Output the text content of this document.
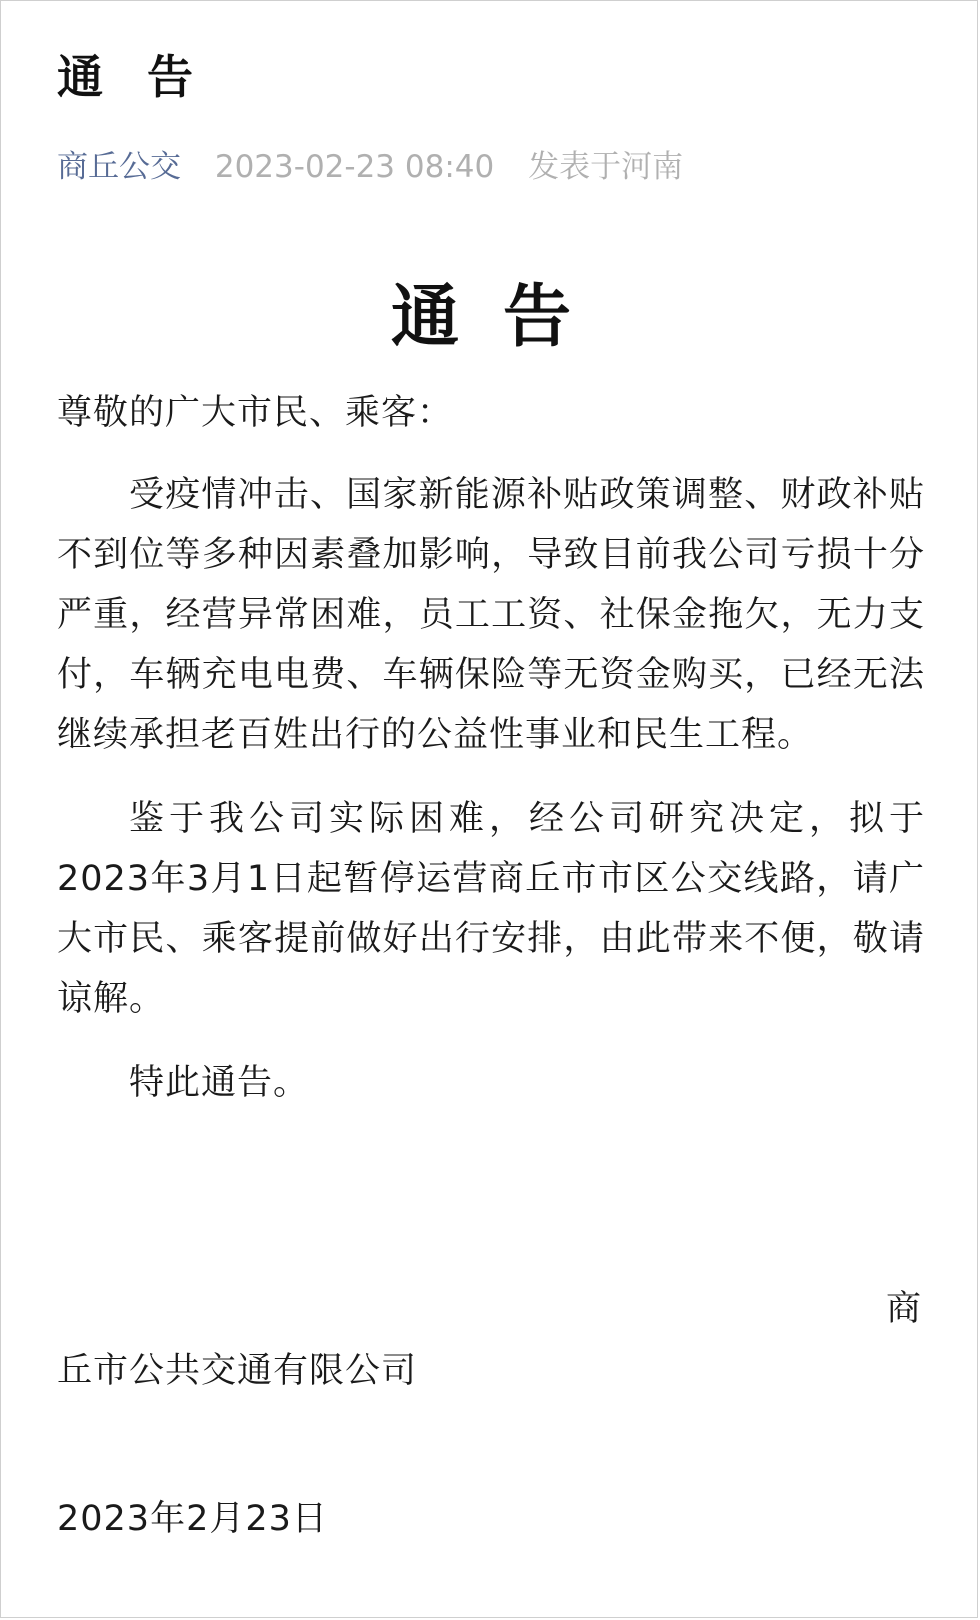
通 告
商丘公交 2023-02-23 08:40 发表于河南
通告

尊敬的广大市民、乘客：

受疫情冲击、国家新能源补贴政策调整、财政补贴不到位等多种因素叠加影响，导致目前我公司亏损十分严重，经营异常困难，员工工资、社保金拖欠，无力支付，车辆充电电费、车辆保险等无资金购买，已经无法继续承担老百姓出行的公益性事业和民生工程。

鉴于我公司实际困难，经公司研究决定，拟于2023年3月1日起暂停运营商丘市市区公交线路，请广大市民、乘客提前做好出行安排，由此带来不便，敬请谅解。

特此通告。

商
丘市公共交通有限公司
2023年2月23日
